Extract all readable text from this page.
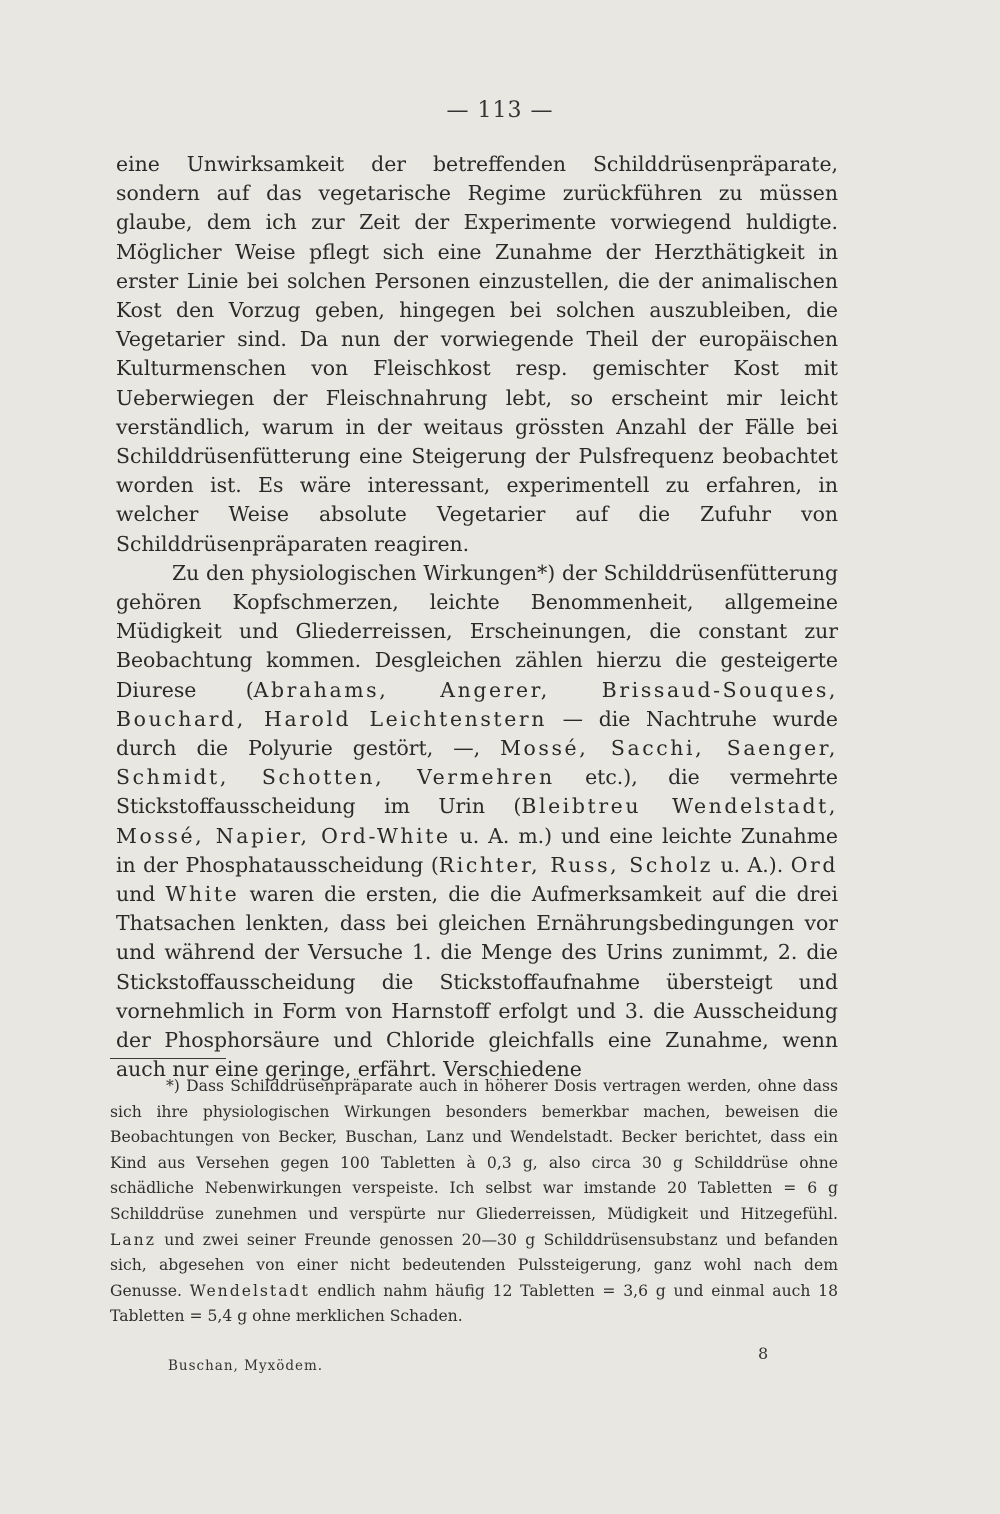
— 113 —

eine Unwirksamkeit der betreffenden Schilddrüsenpräparate, sondern auf das vegetarische Regime zurückführen zu müssen glaube, dem ich zur Zeit der Experimente vorwiegend huldigte. Möglicher Weise pflegt sich eine Zunahme der Herzthätigkeit in erster Linie bei solchen Personen einzustellen, die der animalischen Kost den Vorzug geben, hingegen bei solchen auszubleiben, die Vegetarier sind. Da nun der vorwiegende Theil der europäischen Kulturmenschen von Fleischkost resp. gemischter Kost mit Ueberwiegen der Fleischnahrung lebt, so erscheint mir leicht verständlich, warum in der weitaus grössten Anzahl der Fälle bei Schilddrüsenfütterung eine Steigerung der Pulsfrequenz beobachtet worden ist. Es wäre interessant, experimentell zu erfahren, in welcher Weise absolute Vegetarier auf die Zufuhr von Schilddrüsenpräparaten reagiren.

Zu den physiologischen Wirkungen*) der Schilddrüsenfütterung gehören Kopfschmerzen, leichte Benommenheit, allgemeine Müdigkeit und Gliederreissen, Erscheinungen, die constant zur Beobachtung kommen. Desgleichen zählen hierzu die gesteigerte Diurese (Abrahams, Angerer, Brissaud-Souques, Bouchard, Harold Leichtenstern — die Nachtruhe wurde durch die Polyurie gestört, —, Mossé, Sacchi, Saenger, Schmidt, Schotten, Vermehren etc.), die vermehrte Stickstoffausscheidung im Urin (Bleibtreu Wendelstadt, Mossé, Napier, Ord-White u. A. m.) und eine leichte Zunahme in der Phosphatausscheidung (Richter, Russ, Scholz u. A.). Ord und White waren die ersten, die die Aufmerksamkeit auf die drei Thatsachen lenkten, dass bei gleichen Ernährungsbedingungen vor und während der Versuche 1. die Menge des Urins zunimmt, 2. die Stickstoffausscheidung die Stickstoffaufnahme übersteigt und vornehmlich in Form von Harnstoff erfolgt und 3. die Ausscheidung der Phosphorsäure und Chloride gleichfalls eine Zunahme, wenn auch nur eine geringe, erfährt. Verschiedene

*) Dass Schilddrüsenpräparate auch in höherer Dosis vertragen werden, ohne dass sich ihre physiologischen Wirkungen besonders bemerkbar machen, beweisen die Beobachtungen von Becker, Buschan, Lanz und Wendelstadt. Becker berichtet, dass ein Kind aus Versehen gegen 100 Tabletten à 0,3 g, also circa 30 g Schilddrüse ohne schädliche Nebenwirkungen verspeiste. Ich selbst war imstande 20 Tabletten = 6 g Schilddrüse zunehmen und verspürte nur Gliederreissen, Müdigkeit und Hitzegefühl. Lanz und zwei seiner Freunde genossen 20—30 g Schilddrüsensubstanz und befanden sich, abgesehen von einer nicht bedeutenden Pulssteigerung, ganz wohl nach dem Genusse. Wendelstadt endlich nahm häufig 12 Tabletten = 3,6 g und einmal auch 18 Tabletten = 5,4 g ohne merklichen Schaden.

Buschan, Myxödem.
8
